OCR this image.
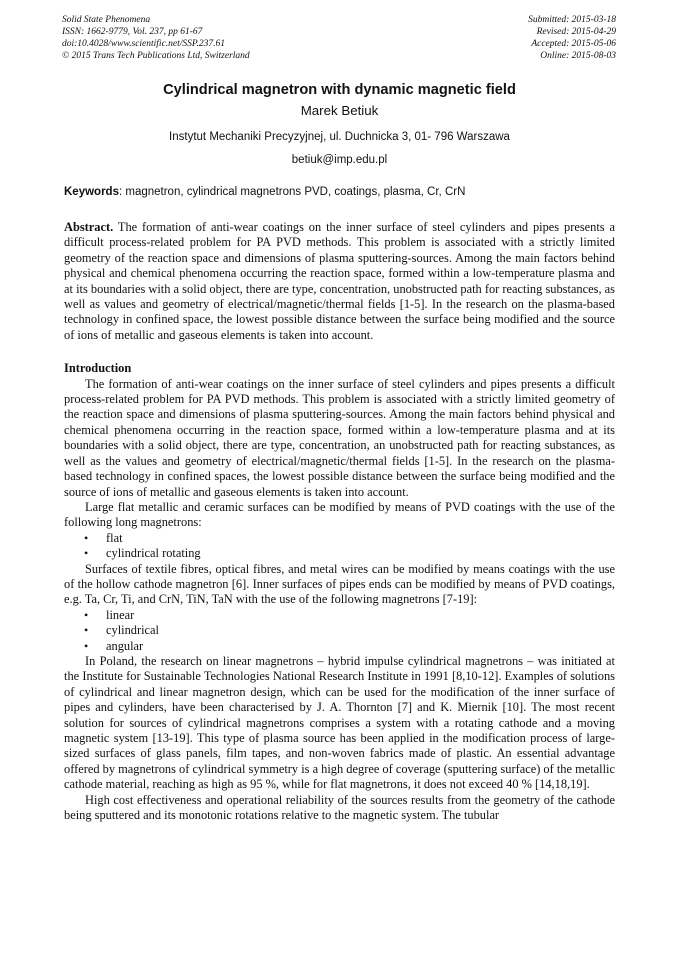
Solid State Phenomena
ISSN: 1662-9779, Vol. 237, pp 61-67
doi:10.4028/www.scientific.net/SSP.237.61
© 2015 Trans Tech Publications Ltd, Switzerland
Submitted: 2015-03-18
Revised: 2015-04-29
Accepted: 2015-05-06
Online: 2015-08-03
Cylindrical magnetron with dynamic magnetic field
Marek Betiuk
Instytut Mechaniki Precyzyjnej, ul. Duchnicka 3, 01- 796 Warszawa
betiuk@imp.edu.pl
Keywords: magnetron, cylindrical magnetrons PVD, coatings, plasma, Cr, CrN
Abstract. The formation of anti-wear coatings on the inner surface of steel cylinders and pipes presents a difficult process-related problem for PA PVD methods. This problem is associated with a strictly limited geometry of the reaction space and dimensions of plasma sputtering-sources. Among the main factors behind physical and chemical phenomena occurring the reaction space, formed within a low-temperature plasma and at its boundaries with a solid object, there are type, concentration, unobstructed path for reacting substances, as well as values and geometry of electrical/magnetic/thermal fields [1-5]. In the research on the plasma-based technology in confined space, the lowest possible distance between the surface being modified and the source of ions of metallic and gaseous elements is taken into account.
Introduction

The formation of anti-wear coatings on the inner surface of steel cylinders and pipes presents a difficult process-related problem for PA PVD methods. This problem is associated with a strictly limited geometry of the reaction space and dimensions of plasma sputtering-sources. Among the main factors behind physical and chemical phenomena occurring in the reaction space, formed within a low-temperature plasma and at its boundaries with a solid object, there are type, concentration, an unobstructed path for reacting substances, as well as the values and geometry of electrical/magnetic/thermal fields [1-5]. In the research on the plasma-based technology in confined spaces, the lowest possible distance between the surface being modified and the source of ions of metallic and gaseous elements is taken into account.

Large flat metallic and ceramic surfaces can be modified by means of PVD coatings with the use of the following long magnetrons:

• flat
• cylindrical rotating

Surfaces of textile fibres, optical fibres, and metal wires can be modified by means coatings with the use of the hollow cathode magnetron [6]. Inner surfaces of pipes ends can be modified by means of PVD coatings, e.g. Ta, Cr, Ti, and CrN, TiN, TaN with the use of the following magnetrons [7-19]:

• linear
• cylindrical
• angular

In Poland, the research on linear magnetrons – hybrid impulse cylindrical magnetrons – was initiated at the Institute for Sustainable Technologies National Research Institute in 1991 [8,10-12]. Examples of solutions of cylindrical and linear magnetron design, which can be used for the modification of the inner surface of pipes and cylinders, have been characterised by J. A. Thornton [7] and K. Miernik [10]. The most recent solution for sources of cylindrical magnetrons comprises a system with a rotating cathode and a moving magnetic system [13-19]. This type of plasma source has been applied in the modification process of large-sized surfaces of glass panels, film tapes, and non-woven fabrics made of plastic. An essential advantage offered by magnetrons of cylindrical symmetry is a high degree of coverage (sputtering surface) of the metallic cathode material, reaching as high as 95 %, while for flat magnetrons, it does not exceed 40 % [14,18,19].

High cost effectiveness and operational reliability of the sources results from the geometry of the cathode being sputtered and its monotonic rotations relative to the magnetic system. The tubular
